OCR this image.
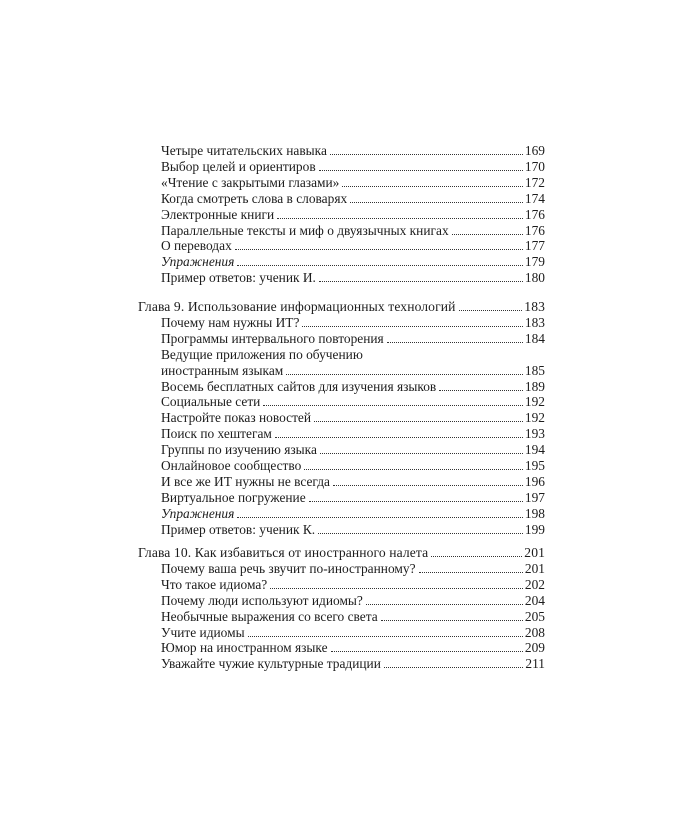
Четыре читательских навыка	169
Выбор целей и ориентиров	170
«Чтение с закрытыми глазами»	172
Когда смотреть слова в словарях	174
Электронные книги	176
Параллельные тексты и миф о двуязычных книгах	176
О переводах	177
Упражнения	179
Пример ответов: ученик И.	180
Глава 9. Использование информационных технологий	183
Почему нам нужны ИТ?	183
Программы интервального повторения	184
Ведущие приложения по обучению
иностранным языкам	185
Восемь бесплатных сайтов для изучения языков	189
Социальные сети	192
Настройте показ новостей	192
Поиск по хештегам	193
Группы по изучению языка	194
Онлайновое сообщество	195
И все же ИТ нужны не всегда	196
Виртуальное погружение	197
Упражнения	198
Пример ответов: ученик К.	199
Глава 10. Как избавиться от иностранного налета	201
Почему ваша речь звучит по-иностранному?	201
Что такое идиома?	202
Почему люди используют идиомы?	204
Необычные выражения со всего света	205
Учите идиомы	208
Юмор на иностранном языке	209
Уважайте чужие культурные традиции	211
